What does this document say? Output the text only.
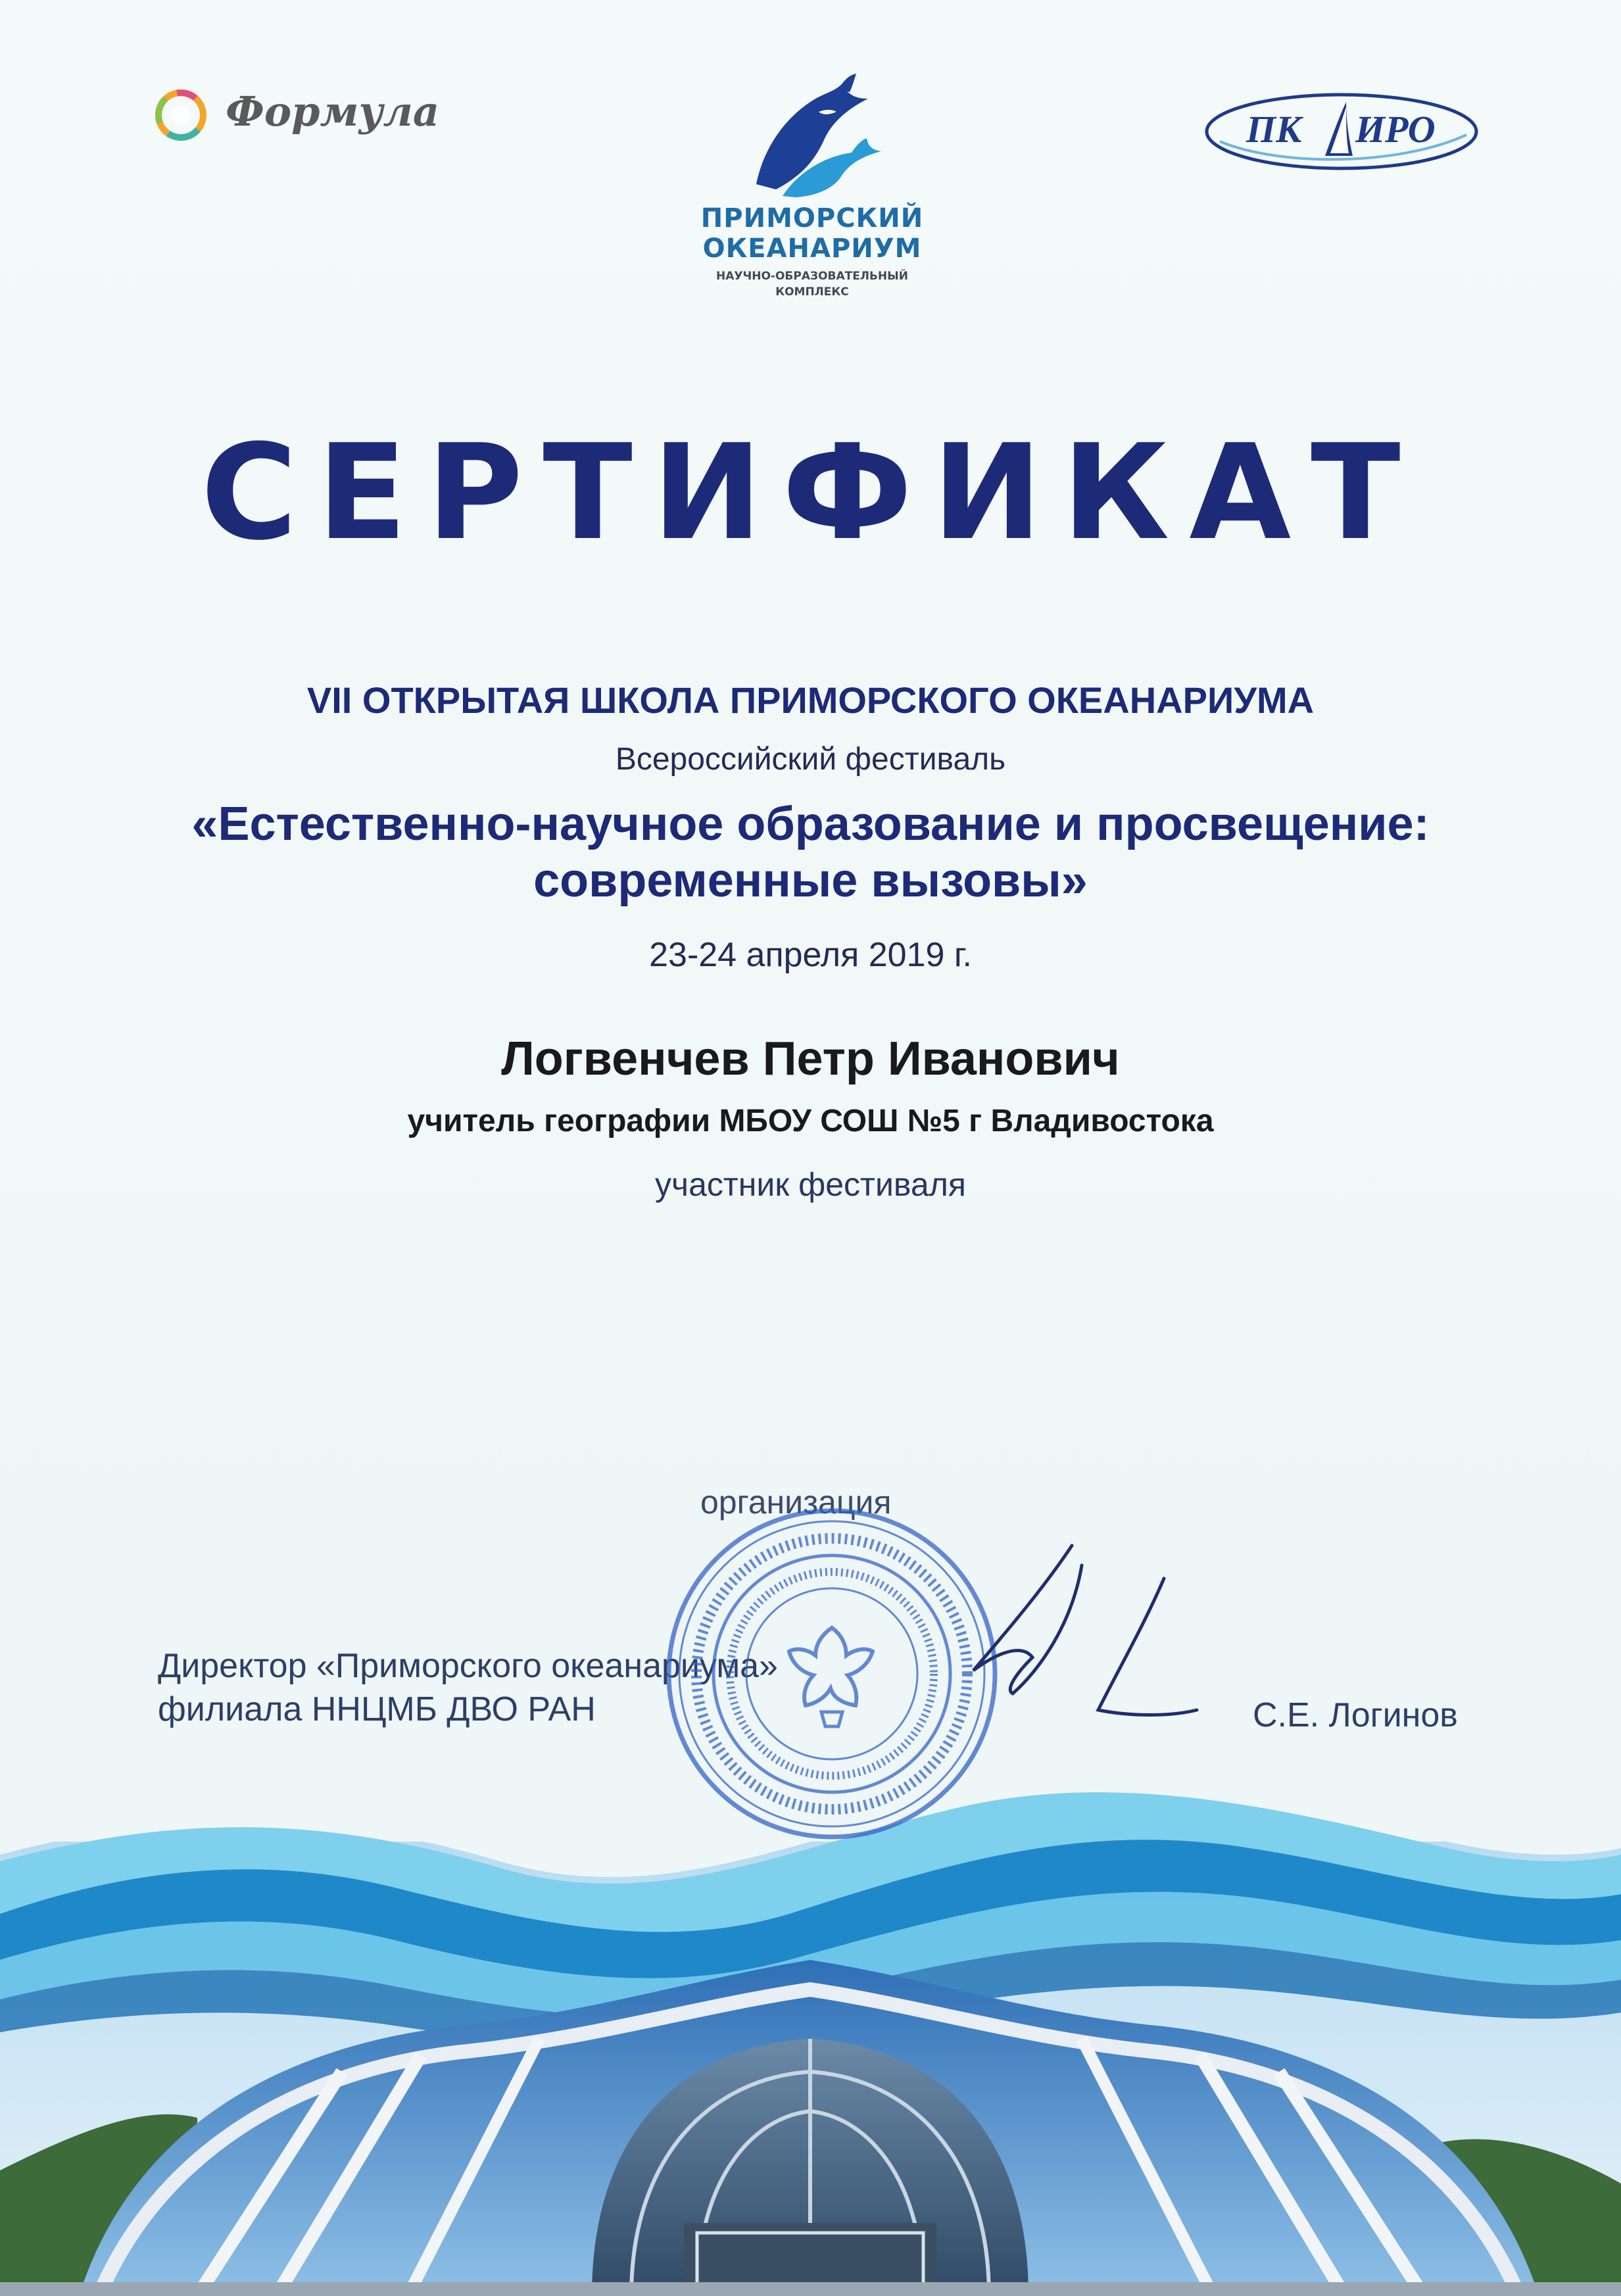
Формула
ПРИМОРСКИЙ
ОКЕАНАРИУМ
НАУЧНО-ОБРАЗОВАТЕЛЬНЫЙ
КОМПЛЕКС
ПК ИРО
СЕРТИФИКАТ
VII ОТКРЫТАЯ ШКОЛА ПРИМОРСКОГО ОКЕАНАРИУМА
Всероссийский фестиваль
«Естественно-научное образование и просвещение:
современные вызовы»
23-24 апреля 2019 г.
Логвенчев Петр Иванович
учитель географии МБОУ СОШ №5 г Владивостока
участник фестиваля
организация
Директор «Приморского океанариума»
филиала ННЦМБ ДВО РАН	С.Е. Логинов
